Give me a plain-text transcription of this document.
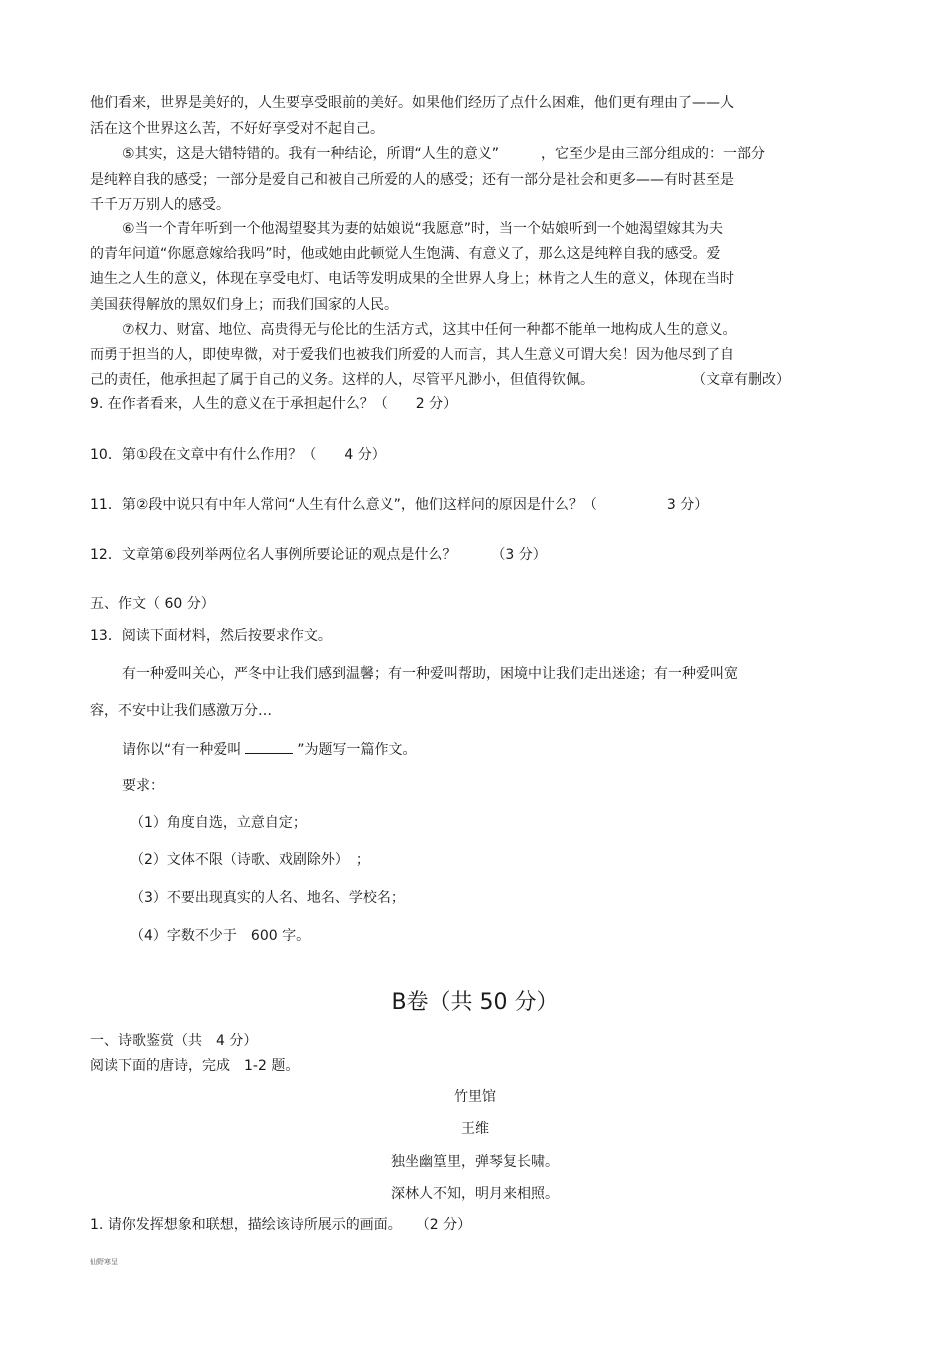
他们看来，世界是美好的，人生要享受眼前的美好。如果他们经历了点什么困难，他们更有理由了——人
活在这个世界这么苦，不好好享受对不起自己。
⑤其实，这是大错特错的。我有一种结论，所谓“人生的意义”　　　，它至少是由三部分组成的：一部分
是纯粹自我的感受；一部分是爱自己和被自己所爱的人的感受；还有一部分是社会和更多——有时甚至是
千千万万别人的感受。
⑥当一个青年听到一个他渴望娶其为妻的姑娘说“我愿意”时，当一个姑娘听到一个她渴望嫁其为夫
的青年问道“你愿意嫁给我吗”时，他或她由此顿觉人生饱满、有意义了，那么这是纯粹自我的感受。爱
迪生之人生的意义，体现在享受电灯、电话等发明成果的全世界人身上；林肯之人生的意义，体现在当时
美国获得解放的黑奴们身上；而我们国家的人民。
⑦权力、财富、地位、高贵得无与伦比的生活方式，这其中任何一种都不能单一地构成人生的意义。
而勇于担当的人，即使卑微，对于爱我们也被我们所爱的人而言，其人生意义可谓大矣！因为他尽到了自
己的责任，他承担起了属于自己的义务。这样的人，尽管平凡渺小，但值得钦佩。	（文章有删改）
9. 在作者看来，人生的意义在于承担起什么？（　　2 分）
10．第①段在文章中有什么作用？（　　4 分）
11．第②段中说只有中年人常问“人生有什么意义”，他们这样问的原因是什么？（　　　　　3 分）
12．文章第⑥段列举两位名人事例所要论证的观点是什么？　　　（3 分）
五、作文（ 60 分）
13．阅读下面材料，然后按要求作文。
有一种爱叫关心，严冬中让我们感到温馨；有一种爱叫帮助，困境中让我们走出迷途；有一种爱叫宽
容，不安中让我们感激万分…
请你以“有一种爱叫	”为题写一篇作文。
要求：
（1）角度自选，立意自定；
（2）文体不限（诗歌、戏剧除外）　；
（3）不要出现真实的人名、地名、学校名；
（4）字数不少于　600 字。
B卷（共 50 分）
一、诗歌鉴赏（共　4 分）
阅读下面的唐诗，完成　1-2 题。
竹里馆
王维
独坐幽篁里，弹琴复长啸。
深林人不知，明月来相照。
1. 请你发挥想象和联想，描绘该诗所展示的画面。　　（2 分）
仙野寒呈
